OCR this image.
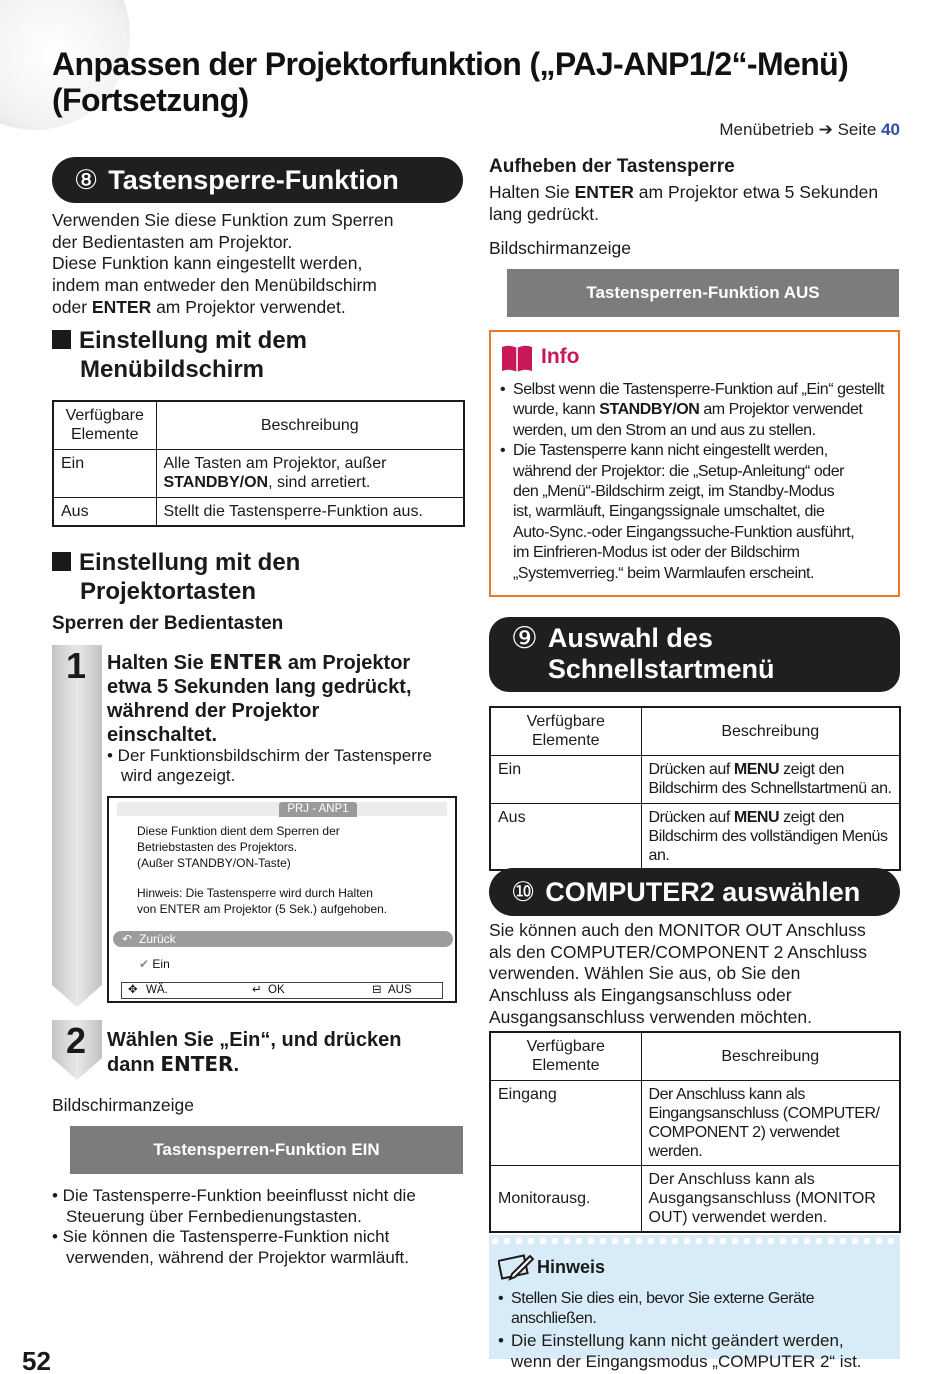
Anpassen der Projektorfunktion („PAJ-ANP1/2“-Menü)
(Fortsetzung)
Menübetrieb ➔ Seite 40
⑧ Tastensperre-Funktion
Verwenden Sie diese Funktion zum Sperren
der Bedientasten am Projektor.
Diese Funktion kann eingestellt werden,
indem man entweder den Menübildschirm
oder ENTER am Projektor verwendet.
Einstellung mit dem
Menübildschirm
Verfügbare
Elemente	Beschreibung
Ein	Alle Tasten am Projektor, außer
STANDBY/ON, sind arretiert.

Aus	Stellt die Tastensperre-Funktion aus.
Einstellung mit den
Projektortasten
Sperren der Bedientasten
1 Halten Sie ENTER am Projektor
etwa 5 Sekunden lang gedrückt,
während der Projektor
einschaltet.
• Der Funktionsbildschirm der Tastensperre
wird angezeigt.
PRJ - ANP1
Diese Funktion dient dem Sperren der
Betriebstasten des Projektors.
(Außer STANDBY/ON-Taste)
Hinweis: Die Tastensperre wird durch Halten
von ENTER am Projektor (5 Sek.) aufgehoben.
↶ Zurück
✔ Ein
✥ WÄ.	↵ OK	⊟ AUS
2 Wählen Sie „Ein“, und drücken
dann ENTER.
Bildschirmanzeige
Tastensperren-Funktion EIN
• Die Tastensperre-Funktion beeinflusst nicht die
Steuerung über Fernbedienungstasten.
• Sie können die Tastensperre-Funktion nicht
verwenden, während der Projektor warmläuft.
52
Aufheben der Tastensperre
Halten Sie ENTER am Projektor etwa 5 Sekunden
lang gedrückt.
Bildschirmanzeige
Tastensperren-Funktion AUS
Info
• Selbst wenn die Tastensperre-Funktion auf „Ein“ gestellt
wurde, kann STANDBY/ON am Projektor verwendet
werden, um den Strom an und aus zu stellen.
• Die Tastensperre kann nicht eingestellt werden,
während der Projektor: die „Setup-Anleitung“ oder
den „Menü“-Bildschirm zeigt, im Standby-Modus
ist, warmläuft, Eingangssignale umschaltet, die
Auto-Sync.-oder Eingangssuche-Funktion ausführt,
im Einfrieren-Modus ist oder der Bildschirm
„Systemverrieg.“ beim Warmlaufen erscheint.
⑨ Auswahl des
Schnellstartmenü
Verfügbare
Elemente	Beschreibung
Ein	Drücken auf MENU zeigt den
Bildschirm des Schnellstartmenü an.

Aus	Drücken auf MENU zeigt den
Bildschirm des vollständigen Menüs an.
⑩ COMPUTER2 auswählen
Sie können auch den MONITOR OUT Anschluss
als den COMPUTER/COMPONENT 2 Anschluss
verwenden. Wählen Sie aus, ob Sie den
Anschluss als Eingangsanschluss oder
Ausgangsanschluss verwenden möchten.
Verfügbare
Elemente	Beschreibung
Eingang	Der Anschluss kann als
Eingangsanschluss (COMPUTER/
COMPONENT 2) verwendet werden.

Monitorausg.	Der Anschluss kann als
Ausgangsanschluss (MONITOR
OUT) verwendet werden.
Hinweis
• Stellen Sie dies ein, bevor Sie externe Geräte anschließen.
• Die Einstellung kann nicht geändert werden,
wenn der Eingangsmodus „COMPUTER 2“ ist.
